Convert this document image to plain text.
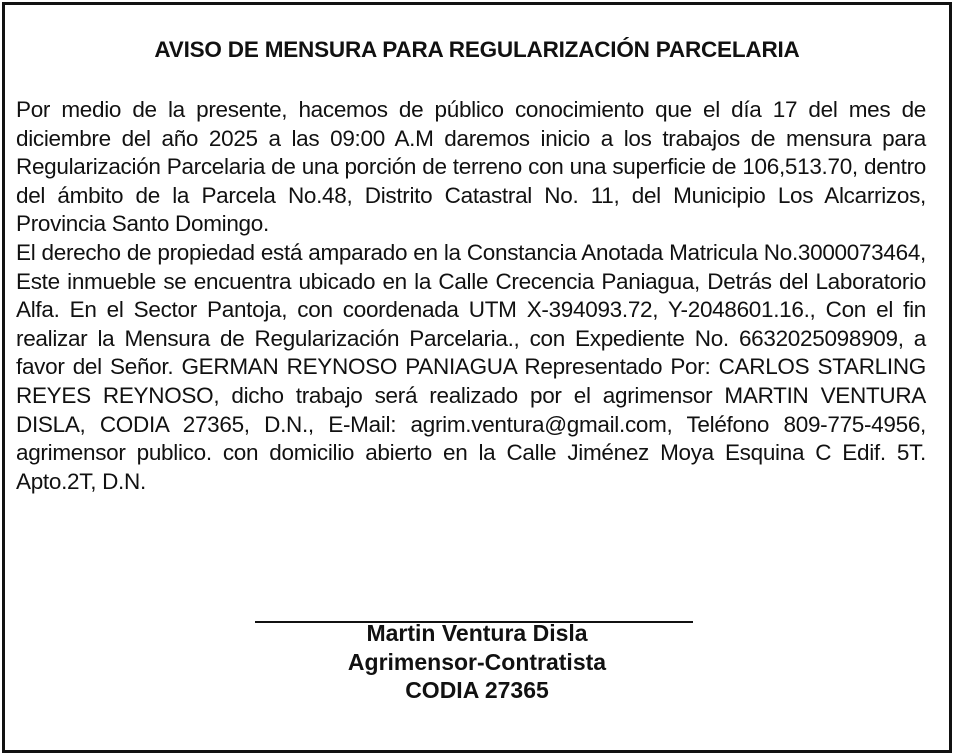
AVISO DE MENSURA PARA REGULARIZACIÓN PARCELARIA

Por medio de la presente, hacemos de público conocimiento que el día 17 del mes de diciembre del año 2025 a las 09:00 A.M daremos inicio a los trabajos de mensura para Regularización Parcelaria de una porción de terreno con una superficie de 106,513.70, dentro del ámbito de la Parcela No.48, Distrito Catastral No. 11, del Municipio Los Alcarrizos, Provincia Santo Domingo.

El derecho de propiedad está amparado en la Constancia Anotada Matricula No.3000073464, Este inmueble se encuentra ubicado en la Calle Crecencia Paniagua, Detrás del Laboratorio Alfa. En el Sector Pantoja, con coordenada UTM X-394093.72, Y-2048601.16., Con el fin realizar la Mensura de Regularización Parcelaria., con Expediente No. 6632025098909, a favor del Señor. GERMAN REYNOSO PANIAGUA Representado Por: CARLOS STARLING REYES REYNOSO, dicho trabajo será realizado por el agrimensor MARTIN VENTURA DISLA, CODIA 27365, D.N., E-Mail: agrim.ventura@gmail.com, Teléfono 809-775-4956, agrimensor publico. con domicilio abierto en la Calle Jiménez Moya Esquina C Edif. 5T. Apto.2T, D.N.

Martin Ventura Disla
Agrimensor-Contratista
CODIA 27365
